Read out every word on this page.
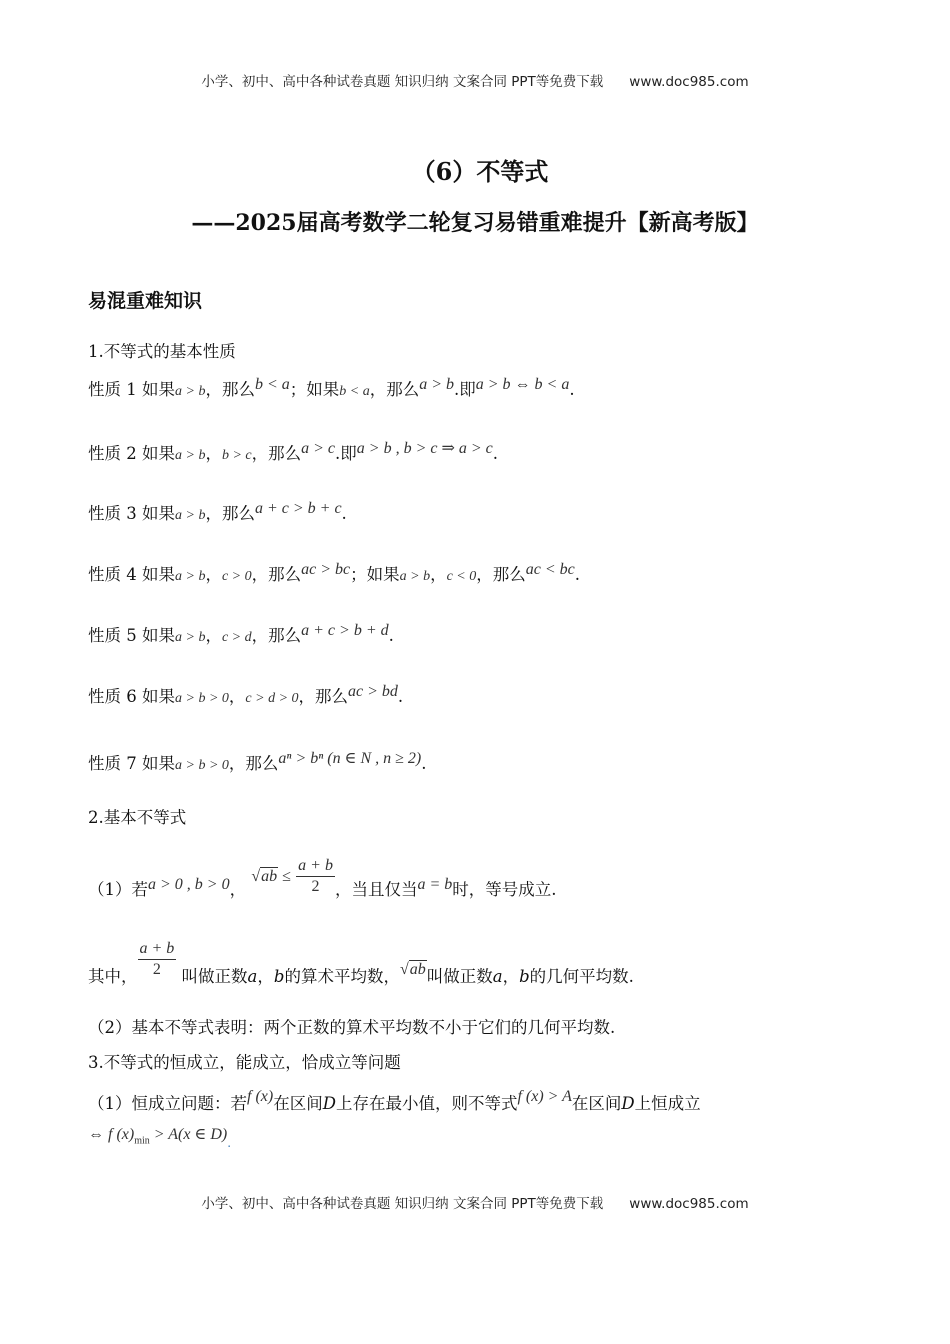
小学、初中、高中各种试卷真题 知识归纳 文案合同 PPT等免费下载 www.doc985.com
（6）不等式
——2025届高考数学二轮复习易错重难提升【新高考版】
易混重难知识
1.不等式的基本性质
性质 1 如果a > b，那么b < a；如果b < a，那么a > b.即a > b ⇔ b < a.
性质 2 如果a > b，b > c，那么a > c.即a > b , b > c ⇒ a > c.
性质 3 如果a > b，那么a + c > b + c.
性质 4 如果a > b，c > 0，那么ac > bc；如果a > b，c < 0，那么ac < bc.
性质 5 如果a > b，c > d，那么a + c > b + d.
性质 6 如果a > b > 0，c > d > 0，那么ac > bd.
性质 7 如果a > b > 0，那么aⁿ > bⁿ (n ∈ N , n ≥ 2).
2.基本不等式
（1）若a > 0 , b > 0， $√ab \le \frac{a + b}{2}$ ，当且仅当a = b时，等号成立.
其中， $\frac{a + b}{2}$ 叫做正数a，b的算术平均数，√ab叫做正数a，b的几何平均数.
（2）基本不等式表明：两个正数的算术平均数不小于它们的几何平均数.
3.不等式的恒成立，能成立，恰成立等问题
（1）恒成立问题：若f (x)在区间D上存在最小值，则不等式f (x) > A在区间D上恒成立
⇔ f $(x)_{min} > A(x$ ∈ $D)_.$
小学、初中、高中各种试卷真题 知识归纳 文案合同 PPT等免费下载 www.doc985.com
